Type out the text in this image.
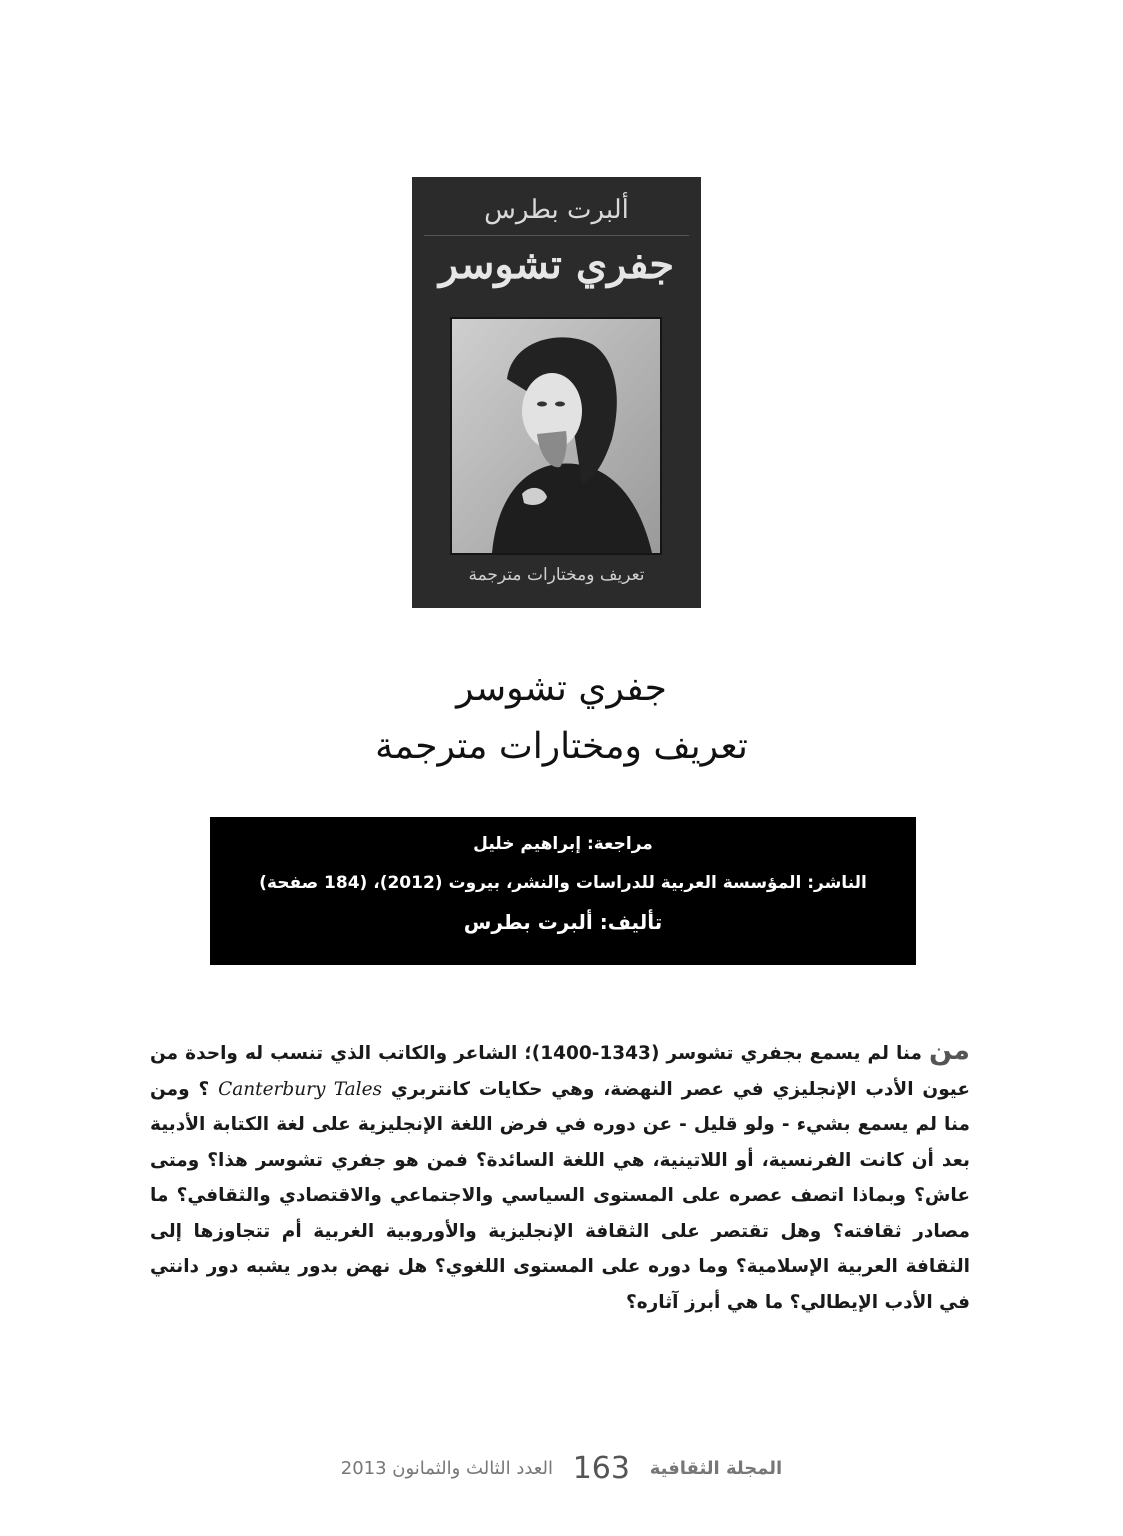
ألبرت بطرس
جفري تشوسر
تعريف ومختارات مترجمة
جفري تشوسر
تعريف ومختارات مترجمة
مراجعة: إبراهيم خليل
الناشر: المؤسسة العربية للدراسات والنشر، بيروت (2012)، (184 صفحة)
تأليف: ألبرت بطرس
من منا لم يسمع بجفري تشوسر (1343-1400)؛ الشاعر والكاتب الذي تنسب له واحدة من عيون الأدب الإنجليزي في عصر النهضة، وهي حكايات كانتربري Canterbury Tales ؟ ومن منا لم يسمع بشيء - ولو قليل - عن دوره في فرض اللغة الإنجليزية على لغة الكتابة الأدبية بعد أن كانت الفرنسية، أو اللاتينية، هي اللغة السائدة؟ فمن هو جفري تشوسر هذا؟ ومتى عاش؟ وبماذا اتصف عصره على المستوى السياسي والاجتماعي والاقتصادي والثقافي؟ ما مصادر ثقافته؟ وهل تقتصر على الثقافة الإنجليزية والأوروبية الغربية أم تتجاوزها إلى الثقافة العربية الإسلامية؟ وما دوره على المستوى اللغوي؟ هل نهض بدور يشبه دور دانتي في الأدب الإيطالي؟ ما هي أبرز آثاره؟
المجلة الثقافية 163 العدد الثالث والثمانون 2013
